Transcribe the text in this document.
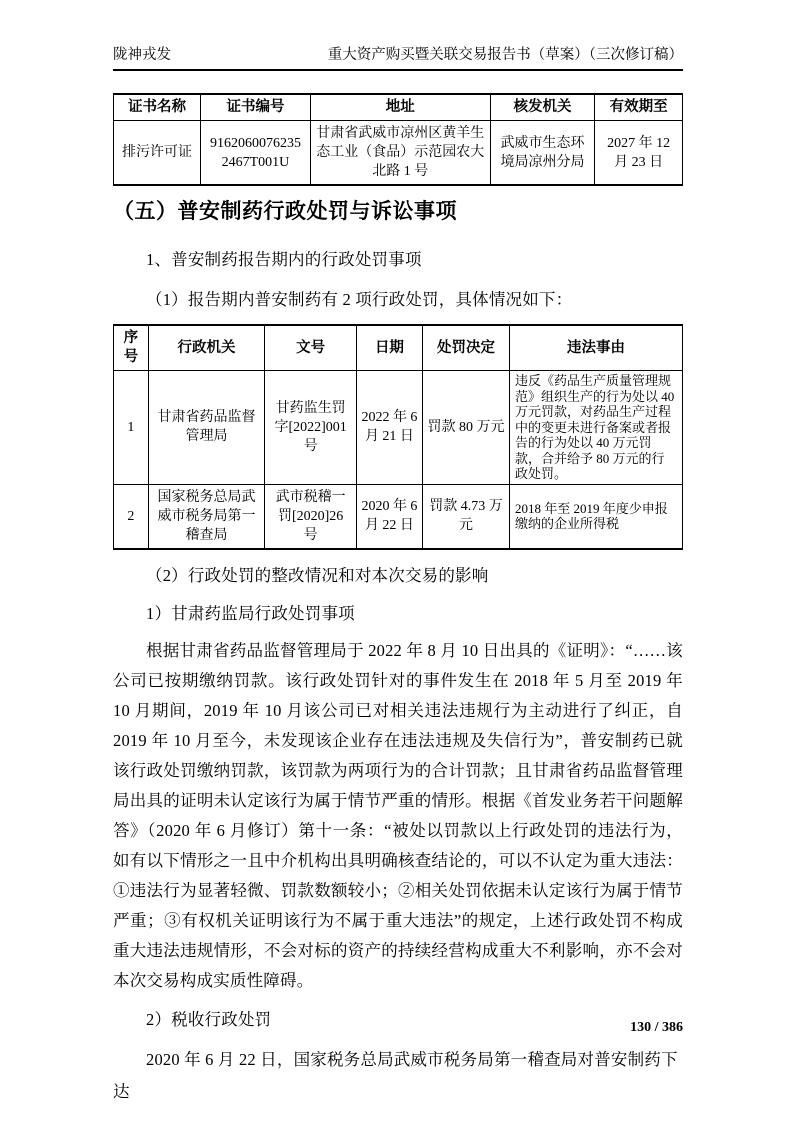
陇神戎发	重大资产购买暨关联交易报告书（草案）（三次修订稿）
证书名称	证书编号	地址	核发机关	有效期至
排污许可证	9162060076235 2467T001U	甘肃省武威市凉州区黄羊生态工业（食品）示范园农大北路 1 号	武威市生态环境局凉州分局	2027 年 12 月 23 日
（五）普安制药行政处罚与诉讼事项

1、普安制药报告期内的行政处罚事项

（1）报告期内普安制药有 2 项行政处罚，具体情况如下：

序号	行政机关	文号	日期	处罚决定	违法事由
1	甘肃省药品监督管理局	甘药监生罚字[2022]001 号	2022 年 6 月 21 日	罚款 80 万元	违反《药品生产质量管理规范》组织生产的行为处以 40 万元罚款，对药品生产过程中的变更未进行备案或者报告的行为处以 40 万元罚款，合并给予 80 万元的行政处罚。
2	国家税务总局武威市税务局第一稽查局	武市税稽一罚[2020]26 号	2020 年 6 月 22 日	罚款 4.73 万元	2018 年至 2019 年度少申报缴纳的企业所得税

（2）行政处罚的整改情况和对本次交易的影响

1）甘肃药监局行政处罚事项

根据甘肃省药品监督管理局于 2022 年 8 月 10 日出具的《证明》：“……该公司已按期缴纳罚款。该行政处罚针对的事件发生在 2018 年 5 月至 2019 年 10 月期间，2019 年 10 月该公司已对相关违法违规行为主动进行了纠正，自 2019 年 10 月至今，未发现该企业存在违法违规及失信行为”，普安制药已就该行政处罚缴纳罚款，该罚款为两项行为的合计罚款；且甘肃省药品监督管理局出具的证明未认定该行为属于情节严重的情形。根据《首发业务若干问题解答》（2020 年 6 月修订）第十一条：“被处以罚款以上行政处罚的违法行为，如有以下情形之一且中介机构出具明确核查结论的，可以不认定为重大违法：①违法行为显著轻微、罚款数额较小；②相关处罚依据未认定该行为属于情节严重；③有权机关证明该行为不属于重大违法”的规定，上述行政处罚不构成重大违法违规情形，不会对标的资产的持续经营构成重大不利影响，亦不会对本次交易构成实质性障碍。

2）税收行政处罚

2020 年 6 月 22 日，国家税务总局武威市税务局第一稽查局对普安制药下达

130 / 386
